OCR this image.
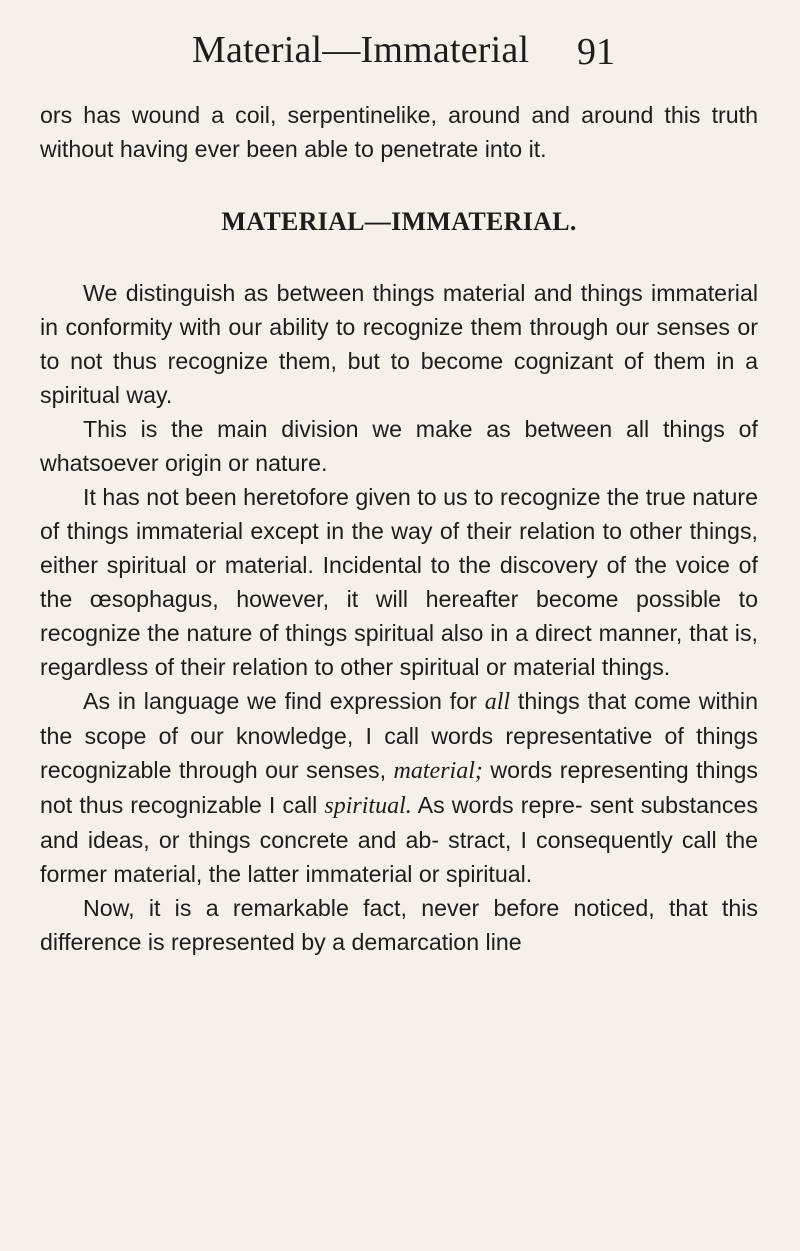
Material—Immaterial 91

ors has wound a coil, serpentinelike, around and around this truth without having ever been able to penetrate into it.

MATERIAL—IMMATERIAL.

We distinguish as between things material and things immaterial in conformity with our ability to recognize them through our senses or to not thus recognize them, but to become cognizant of them in a spiritual way.

This is the main division we make as between all things of whatsoever origin or nature.

It has not been heretofore given to us to recognize the true nature of things immaterial except in the way of their relation to other things, either spiritual or material. Incidental to the discovery of the voice of the œsophagus, however, it will hereafter become possible to recognize the nature of things spiritual also in a direct manner, that is, regardless of their relation to other spiritual or material things.

As in language we find expression for all things that come within the scope of our knowledge, I call words representative of things recognizable through our senses, material; words representing things not thus recognizable I call spiritual. As words repre- sent substances and ideas, or things concrete and ab- stract, I consequently call the former material, the latter immaterial or spiritual.

Now, it is a remarkable fact, never before noticed, that this difference is represented by a demarcation line
